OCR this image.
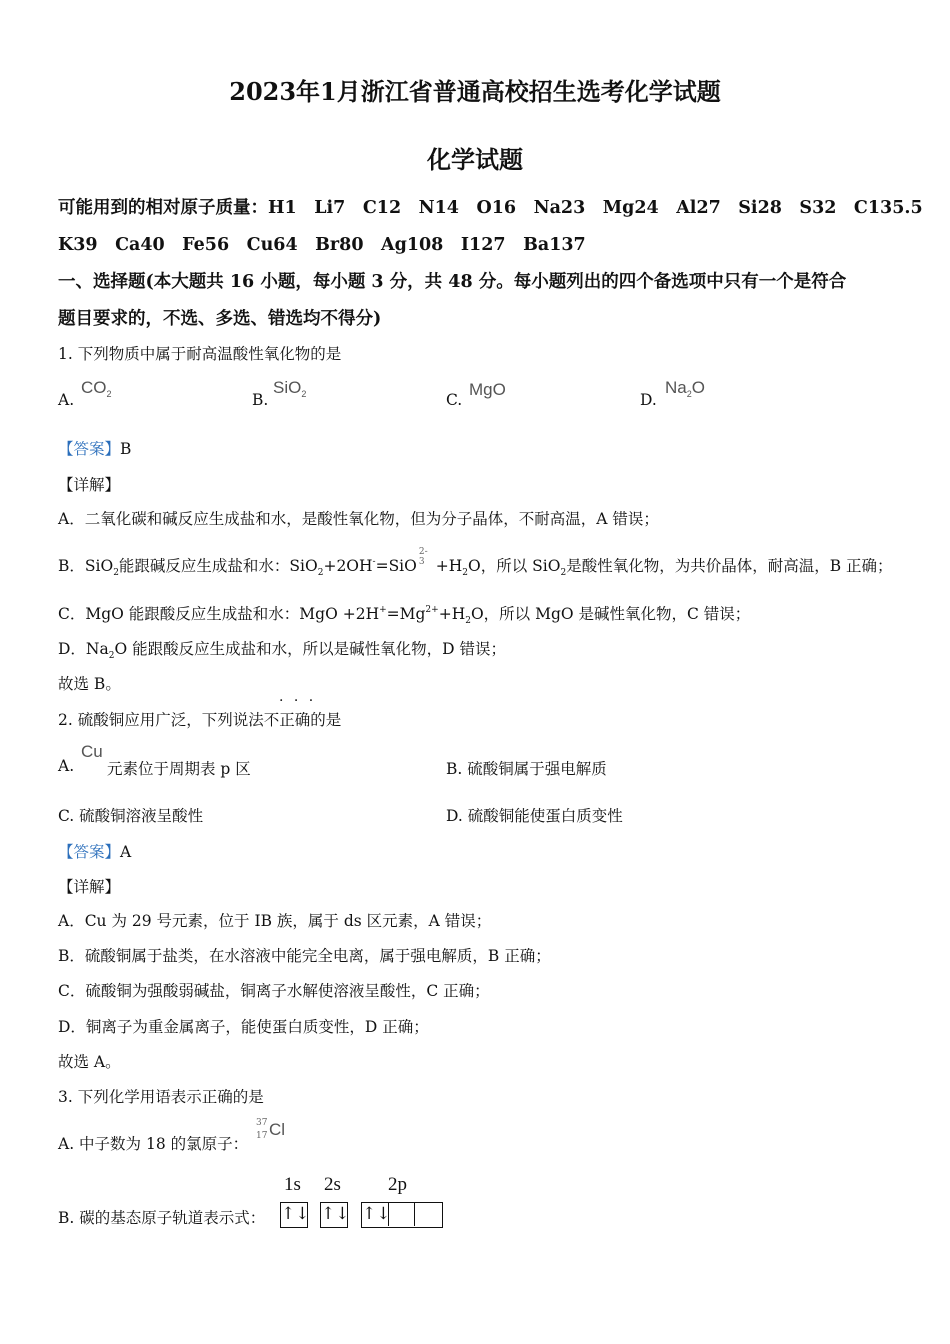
2023年1月浙江省普通高校招生选考化学试题
化学试题
可能用到的相对原子质量：H1　Li7　C12　N14　O16　Na23　Mg24　Al27　Si28　S32　C135.5
K39　Ca40　Fe56　Cu64　Br80　Ag108　I127　Ba137
一、选择题(本大题共 16 小题，每小题 3 分，共 48 分。每小题列出的四个备选项中只有一个是符合
题目要求的，不选、多选、错选均不得分)
1. 下列物质中属于耐高温酸性氧化物的是
A.
$CO_2$	B.
SiO$_2$	C.
MgO
D.
$Na_2O$
【答案】B
【详解】
A．二氧化碳和碱反应生成盐和水，是酸性氧化物，但为分子晶体，不耐高温，A 错误；
B．SiO$_2$能跟碱反应生成盐和水：SiO$_2$+2OH-=SiO
2-
$3 +H_2O$，所以 SiO$_2$是酸性氧化物，为共价晶体，耐高温，B 正确；
C．MgO 能跟酸反应生成盐和水：MgO $+2H^+=Mg^{2+}+H_2O$，所以 MgO 是碱性氧化物，C 错误；
D．$Na_2O$ 能跟酸反应生成盐和水，所以是碱性氧化物，D 错误；
故选 B。
2. 硫酸铜应用广泛，下列说法不正确的是
· · ·
A.
Cu
元素位于周期表 p 区	B. 硫酸铜属于强电解质
C. 硫酸铜溶液呈酸性	D. 硫酸铜能使蛋白质变性
【答案】A
【详解】
A．Cu 为 29 号元素，位于 IB 族，属于 ds 区元素，A 错误；
B．硫酸铜属于盐类，在水溶液中能完全电离，属于强电解质，B 正确；
C．硫酸铜为强酸弱碱盐，铜离子水解使溶液呈酸性，C 正确；
D．铜离子为重金属离子，能使蛋白质变性，D 正确；
故选 A。
3. 下列化学用语表示正确的是
A. 中子数为 18 的氯原子：
37
17 Cl
B. 碳的基态原子轨道表示式：
1s 2s 2p
↑↓ ↑↓ ↑↓
